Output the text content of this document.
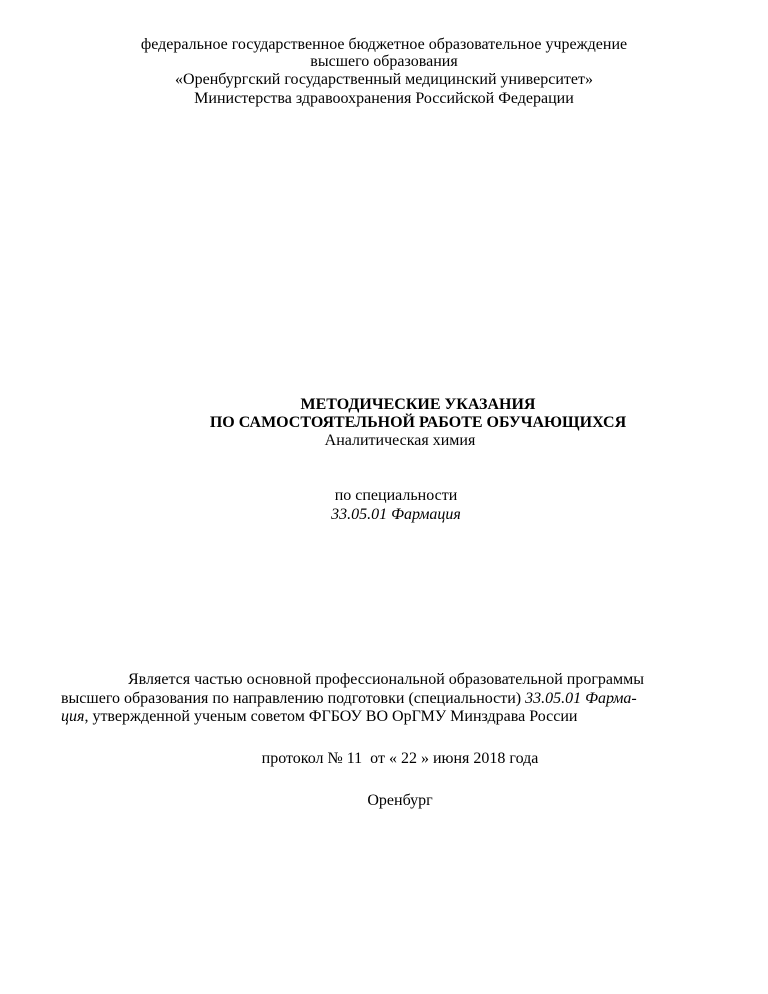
федеральное государственное бюджетное образовательное учреждение
высшего образования
«Оренбургский государственный медицинский университет»
Министерства здравоохранения Российской Федерации
МЕТОДИЧЕСКИЕ УКАЗАНИЯ
ПО САМОСТОЯТЕЛЬНОЙ РАБОТЕ ОБУЧАЮЩИХСЯ
Аналитическая химия
по специальности
33.05.01 Фармация
Является частью основной профессиональной образовательной программы
высшего образования по направлению подготовки (специальности) 33.05.01 Фарма-
ция, утвержденной ученым советом ФГБОУ ВО ОрГМУ Минздрава России
протокол № 11  от « 22 » июня 2018 года
Оренбург
